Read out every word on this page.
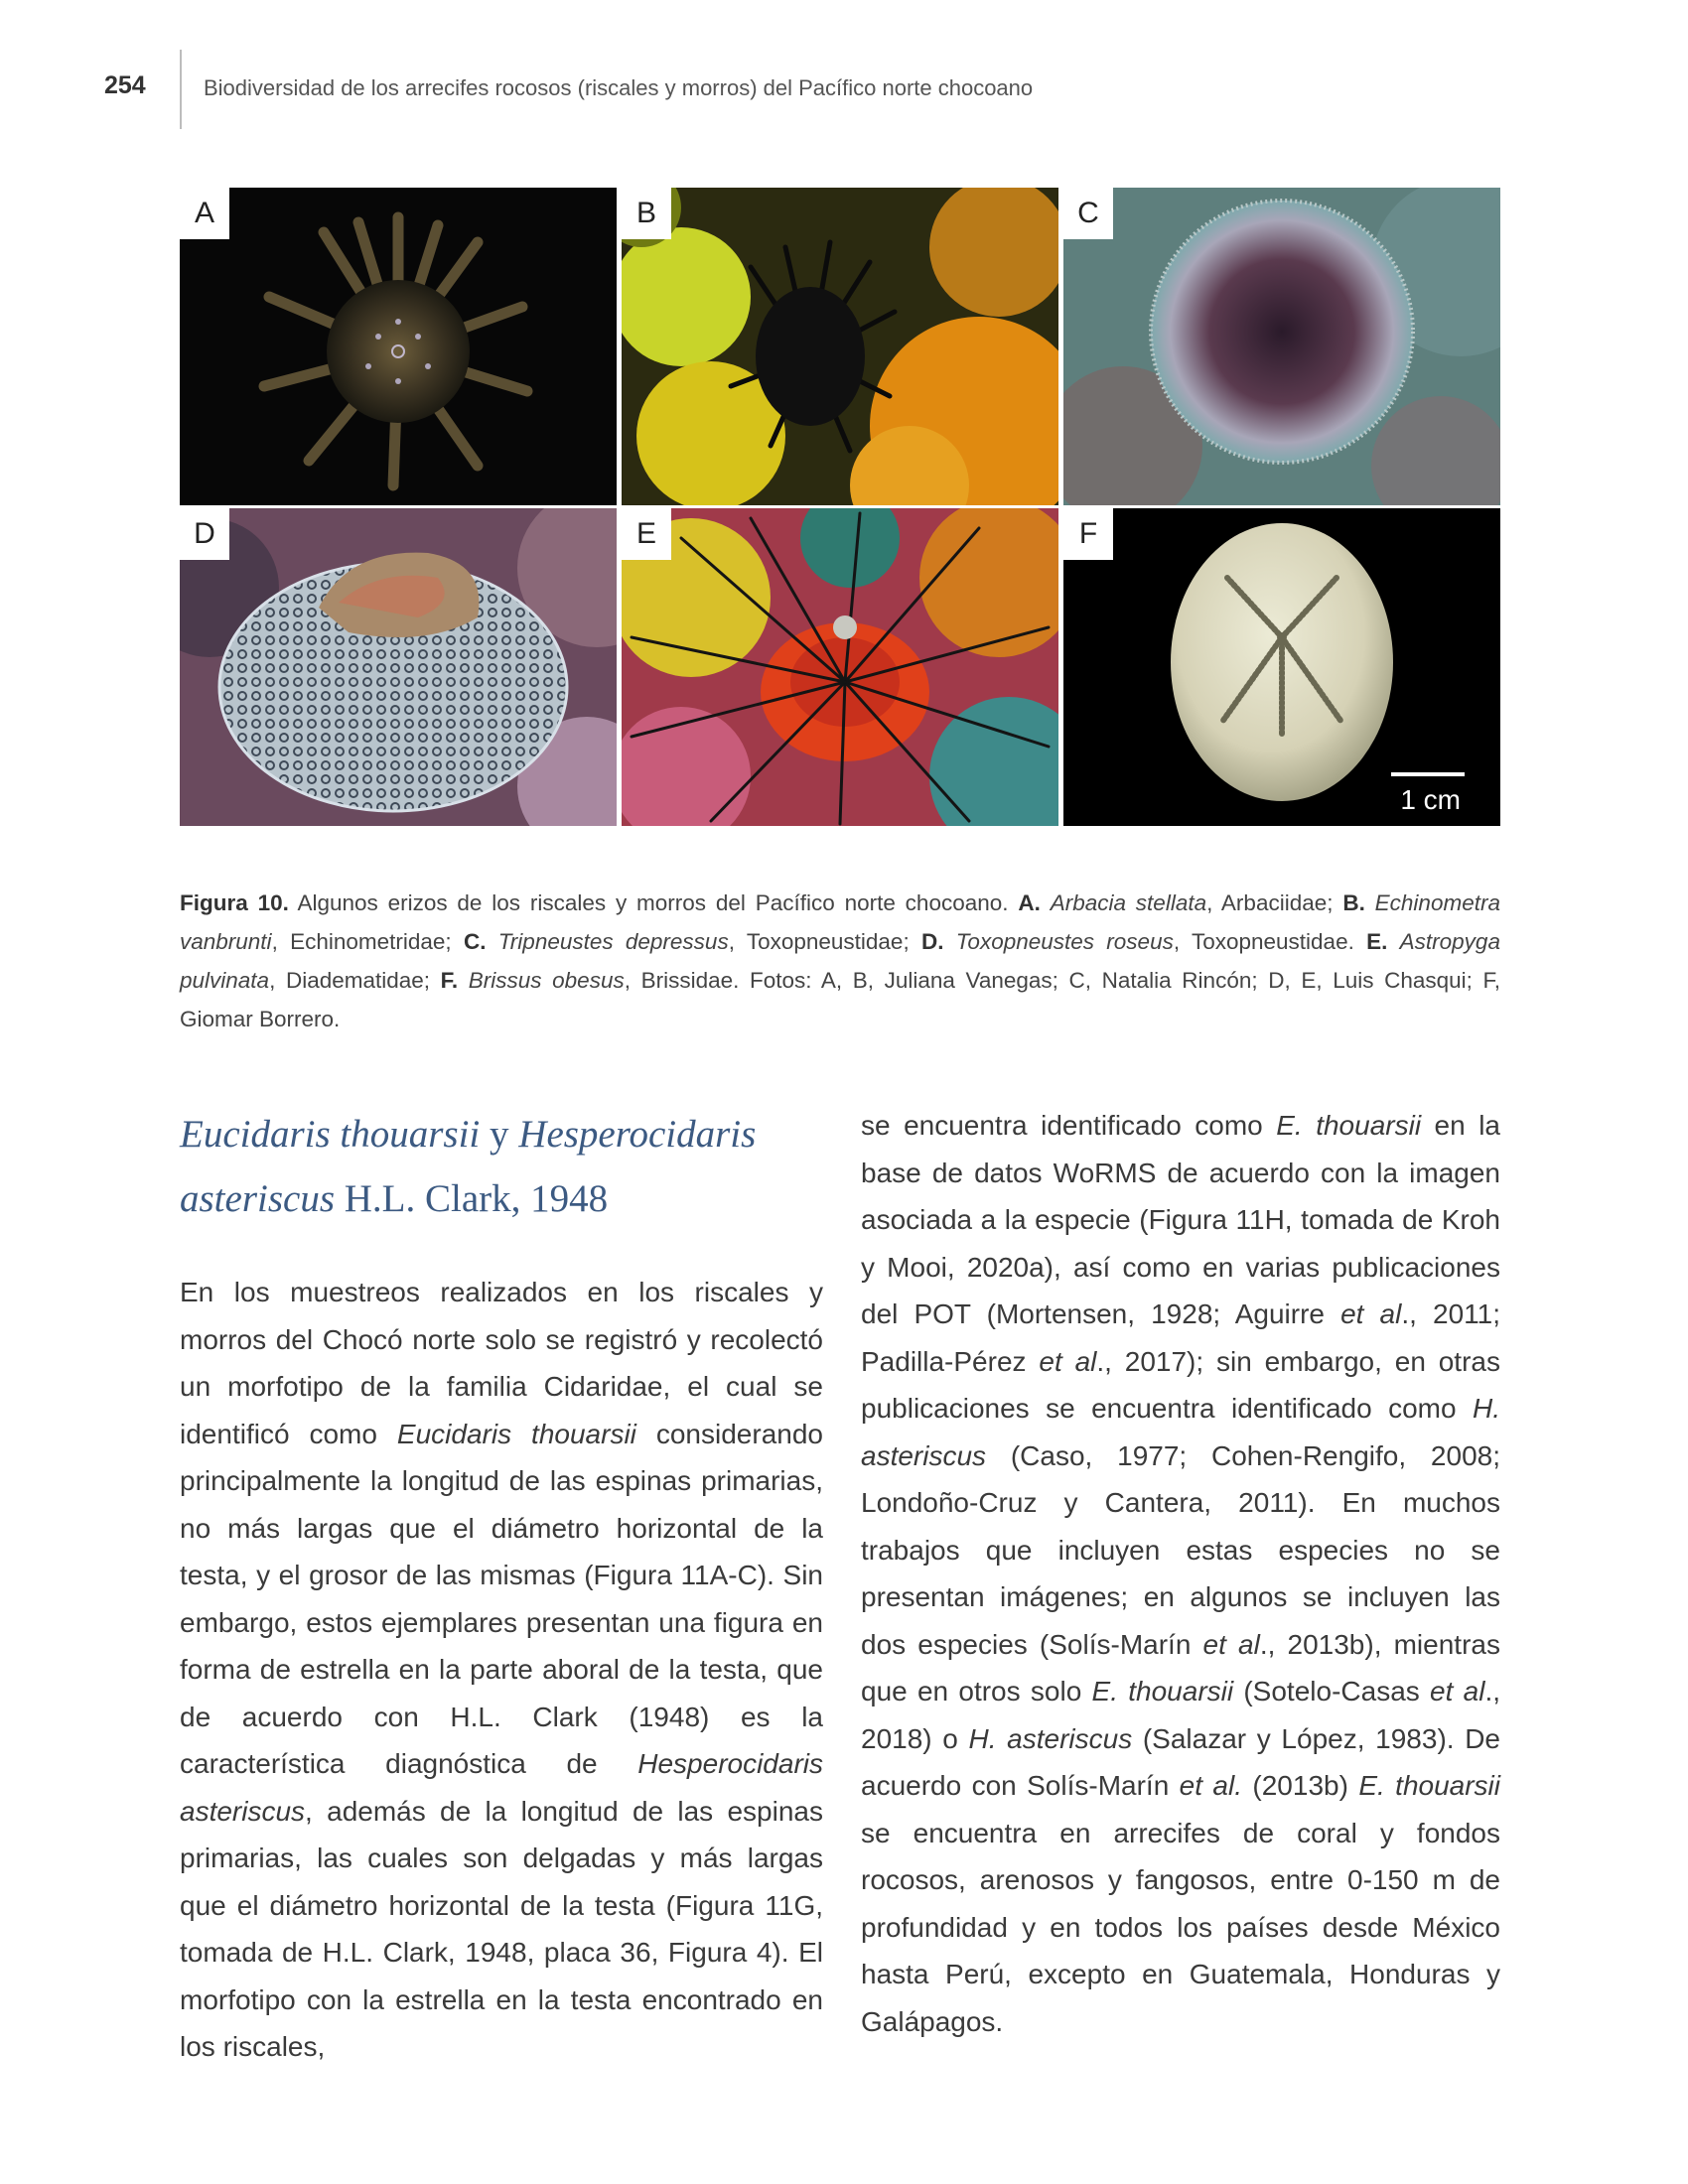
254	Biodiversidad de los arrecifes rocosos (riscales y morros) del Pacífico norte chocoano
A	B	C
D	E	F
1 cm

Figura 10. Algunos erizos de los riscales y morros del Pacífico norte chocoano. A. Arbacia stellata, Arbaciidae; B. Echinometra vanbrunti, Echinometridae; C. Tripneustes depressus, Toxopneustidae; D. Toxopneustes roseus, Toxopneustidae. E. Astropyga pulvinata, Diadematidae; F. Brissus obesus, Brissidae. Fotos: A, B, Juliana Vanegas; C, Natalia Rincón; D, E, Luis Chasqui; F, Giomar Borrero.

Eucidaris thouarsii y Hesperocidaris asteriscus H.L. Clark, 1948

En los muestreos realizados en los riscales y morros del Chocó norte solo se registró y recolectó un morfotipo de la familia Cidaridae, el cual se identificó como Eucidaris thouarsii considerando principalmente la longitud de las espinas primarias, no más largas que el diámetro horizontal de la testa, y el grosor de las mismas (Figura 11A-C). Sin embargo, estos ejemplares presentan una figura en forma de estrella en la parte aboral de la testa, que de acuerdo con H.L. Clark (1948) es la característica diagnóstica de Hesperocidaris asteriscus, además de la longitud de las espinas primarias, las cuales son delgadas y más largas que el diámetro horizontal de la testa (Figura 11G, tomada de H.L. Clark, 1948, placa 36, Figura 4). El morfotipo con la estrella en la testa encontrado en los riscales,

se encuentra identificado como E. thouarsii en la base de datos WoRMS de acuerdo con la imagen asociada a la especie (Figura 11H, tomada de Kroh y Mooi, 2020a), así como en varias publicaciones del POT (Mortensen, 1928; Aguirre et al., 2011; Padilla-Pérez et al., 2017); sin embargo, en otras publicaciones se encuentra identificado como H. asteriscus (Caso, 1977; Cohen-Rengifo, 2008; Londoño-Cruz y Cantera, 2011). En muchos trabajos que incluyen estas especies no se presentan imágenes; en algunos se incluyen las dos especies (Solís-Marín et al., 2013b), mientras que en otros solo E. thouarsii (Sotelo-Casas et al., 2018) o H. asteriscus (Salazar y López, 1983). De acuerdo con Solís-Marín et al. (2013b) E. thouarsii se encuentra en arrecifes de coral y fondos rocosos, arenosos y fangosos, entre 0-150 m de profundidad y en todos los países desde México hasta Perú, excepto en Guatemala, Honduras y Galápagos.
